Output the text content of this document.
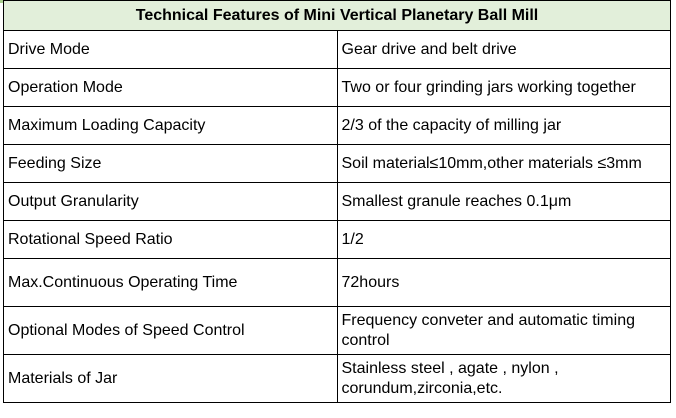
Technical Features of Mini Vertical Planetary Ball Mill	
Drive Mode	Gear drive and belt drive
Operation Mode	Two or four grinding jars working together
Maximum Loading Capacity	2/3 of the capacity of milling jar
Feeding Size	Soil material≤10mm,other materials ≤3mm
Output Granularity	Smallest granule reaches 0.1μm
Rotational Speed Ratio	1/2
Max.Continuous Operating Time	72hours
Optional Modes of Speed Control	Frequency conveter and automatic timing control
Materials of Jar	Stainless steel , agate , nylon , corundum,zirconia,etc.
